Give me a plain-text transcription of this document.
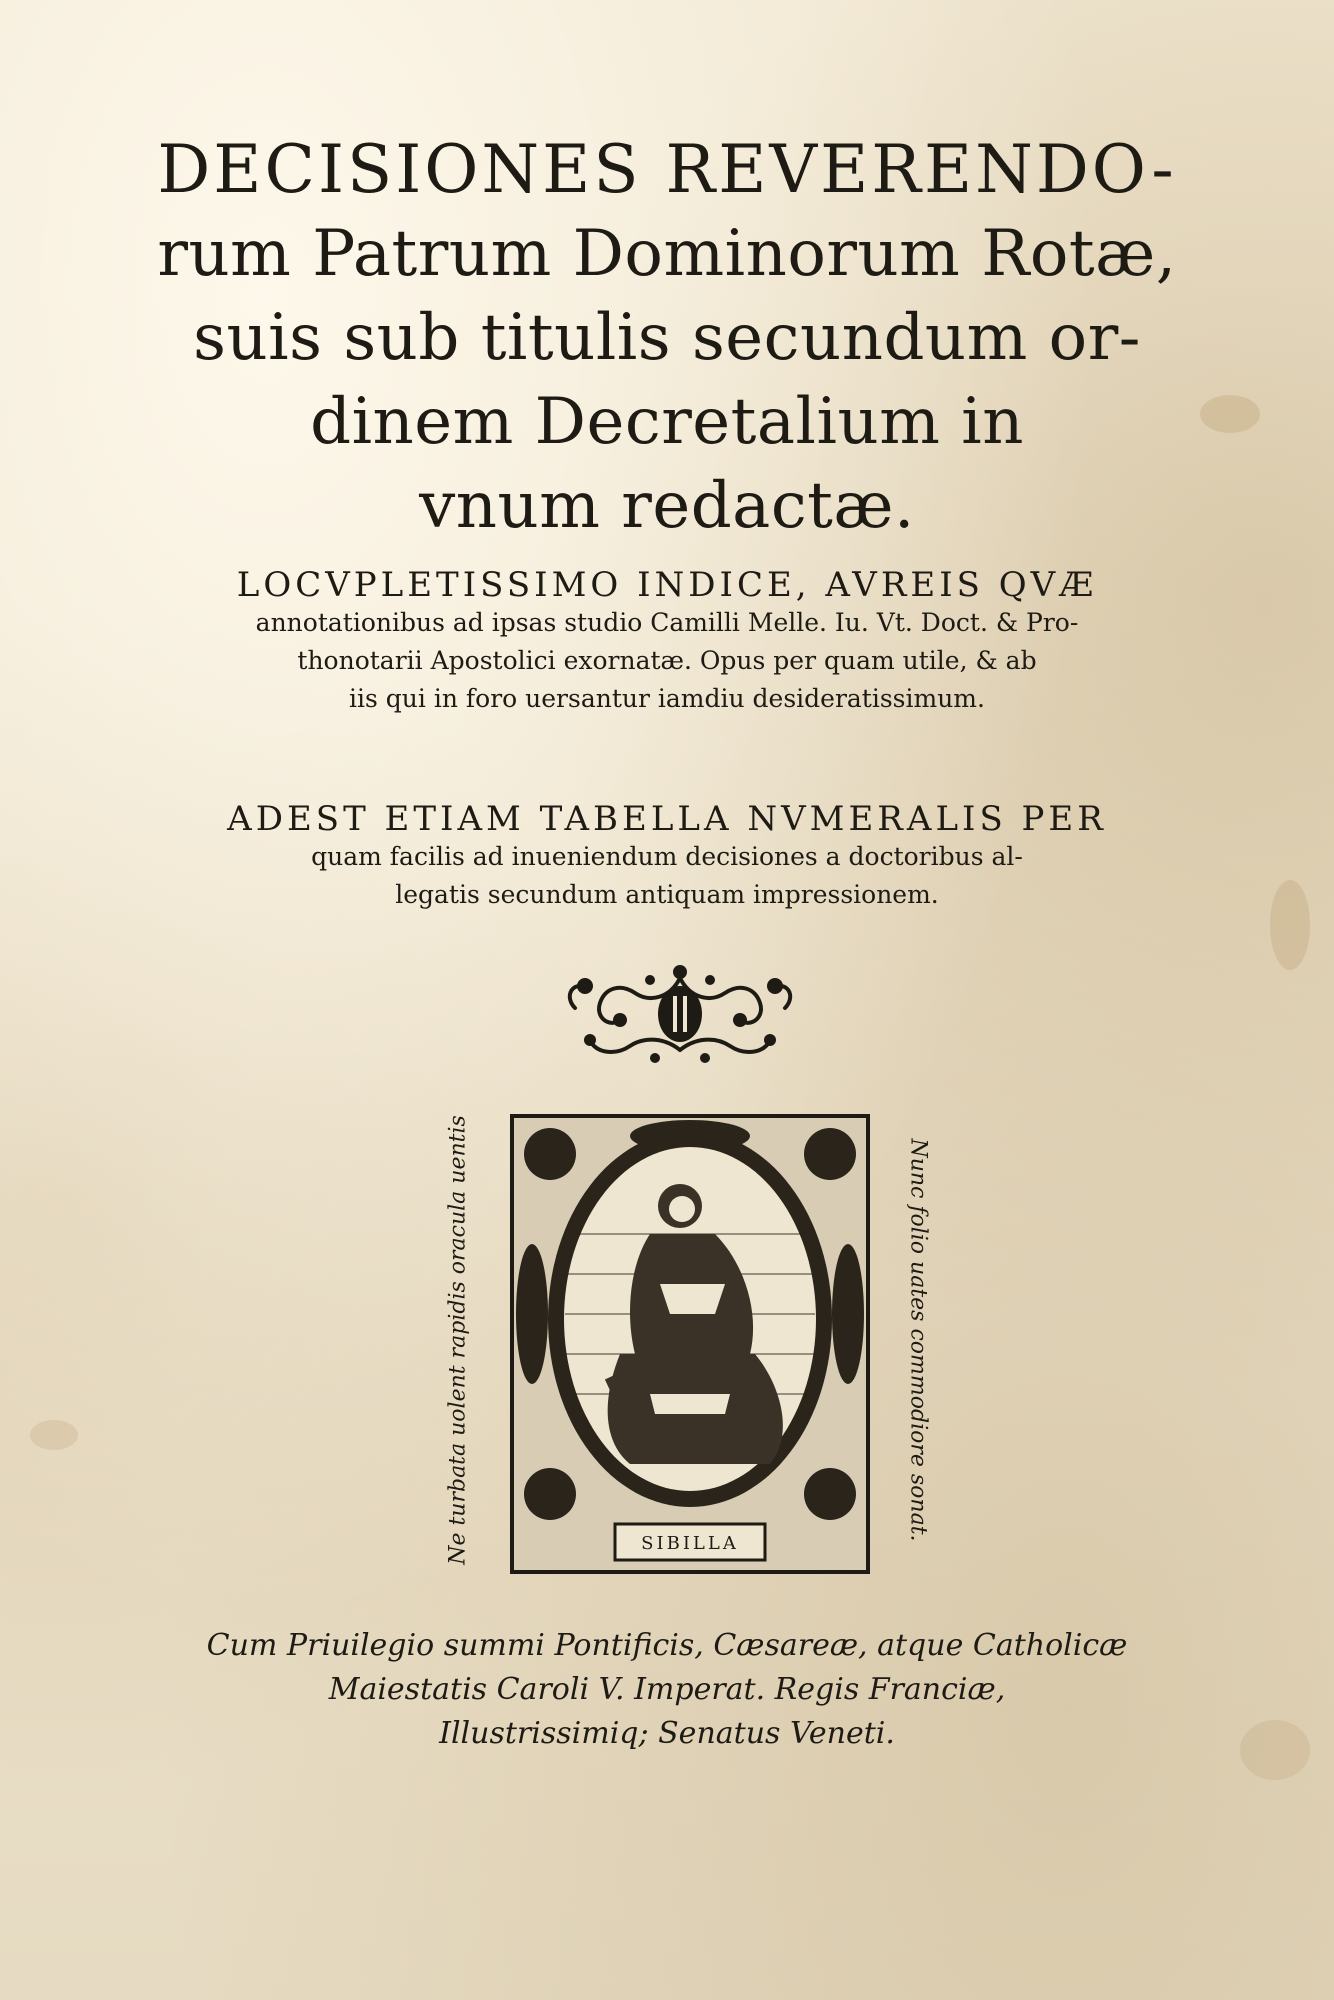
DECISIONES REVERENDO-
rum Patrum Dominorum Rotæ,
suis sub titulis secundum or-
dinem Decretalium in
vnum redactæ.
LOCVPLETISSIMO INDICE, AVREIS QVÆ
annotationibus ad ipsas studio Camilli Melle. Iu. Vt. Doct. & Pro-
thonotarii Apostolici exornatæ. Opus per quam utile, & ab
iis qui in foro uersantur iamdiu desideratissimum.
ADEST ETIAM TABELLA NVMERALIS PER
quam facilis ad inueniendum decisiones a doctoribus al-
legatis secundum antiquam impressionem.
SIBILLA
Ne turbata uolent rapidis oracula uentis	Nunc folio uates commodiore sonat.
Cum Priuilegio summi Pontificis, Cæsareæ, atque Catholicæ
Maiestatis Caroli V. Imperat. Regis Franciæ,
Illustrissimiq; Senatus Veneti.
